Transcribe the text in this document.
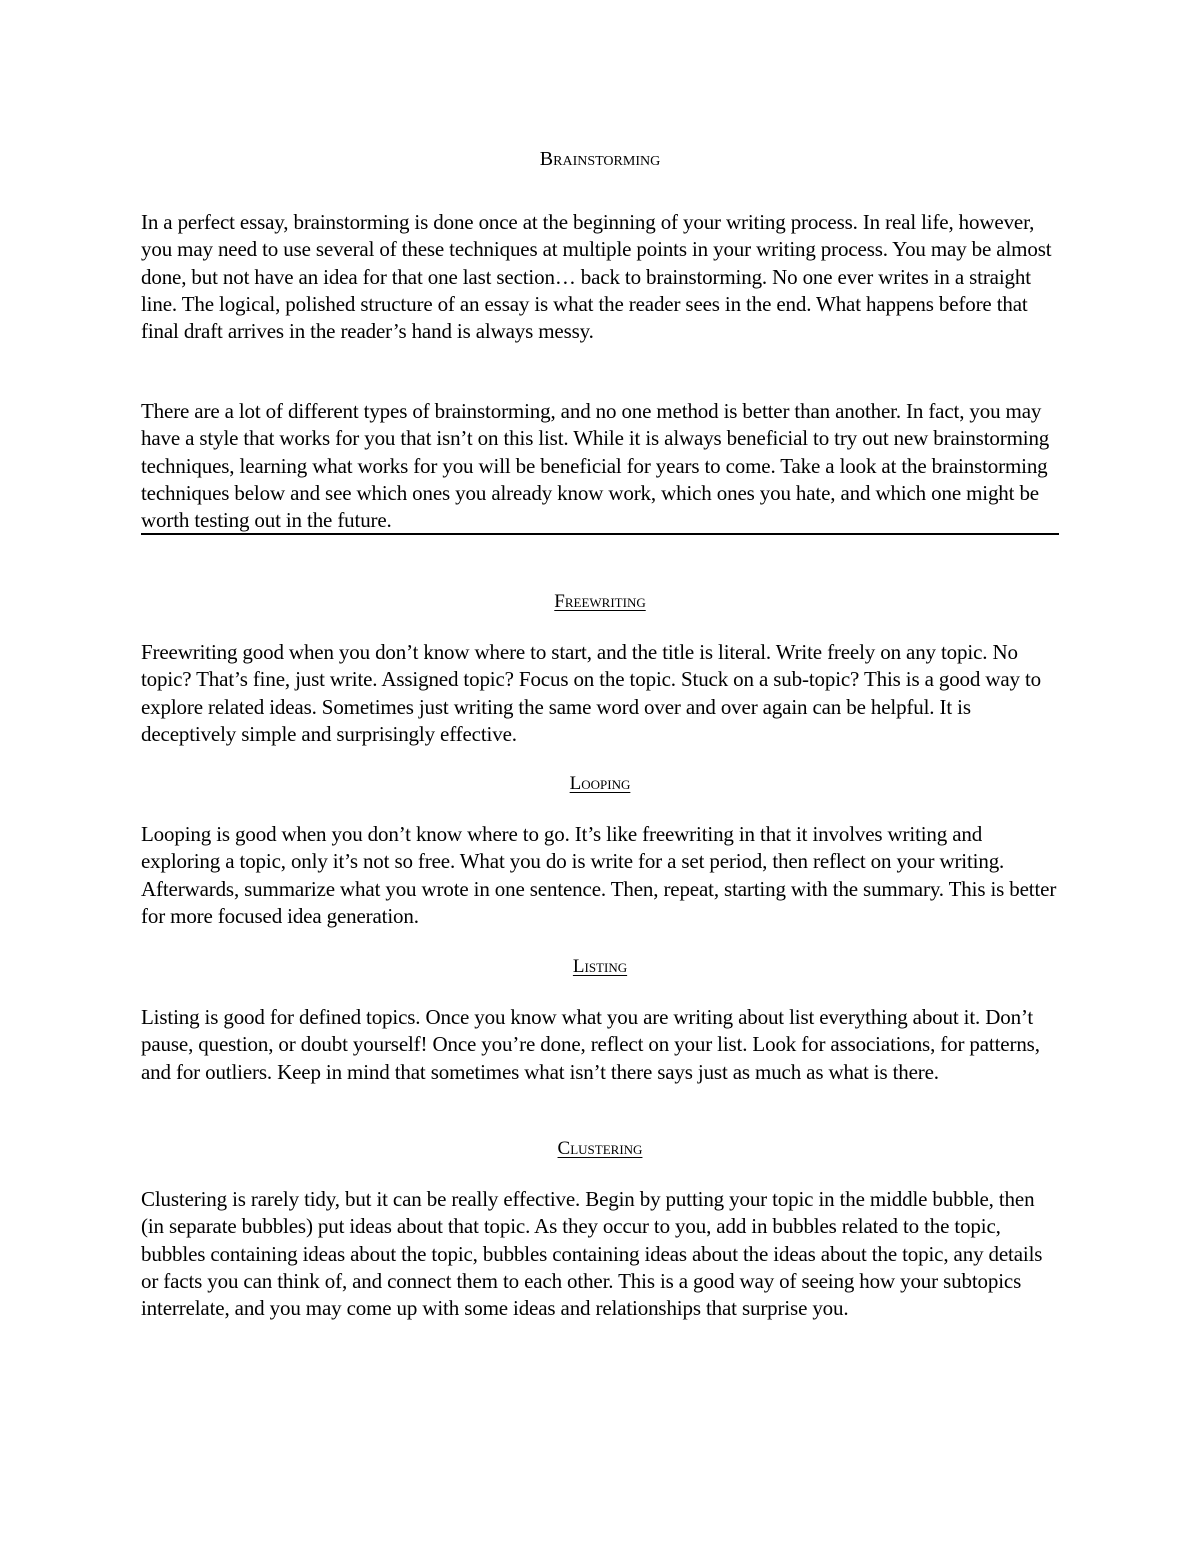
Brainstorming

In a perfect essay, brainstorming is done once at the beginning of your writing process. In real life, however, you may need to use several of these techniques at multiple points in your writing process. You may be almost done, but not have an idea for that one last section… back to brainstorming. No one ever writes in a straight line. The logical, polished structure of an essay is what the reader sees in the end. What happens before that final draft arrives in the reader’s hand is always messy.

There are a lot of different types of brainstorming, and no one method is better than another. In fact, you may have a style that works for you that isn’t on this list. While it is always beneficial to try out new brainstorming techniques, learning what works for you will be beneficial for years to come. Take a look at the brainstorming techniques below and see which ones you already know work, which ones you hate, and which one might be worth testing out in the future.

Freewriting

Freewriting good when you don’t know where to start, and the title is literal. Write freely on any topic. No topic? That’s fine, just write. Assigned topic? Focus on the topic. Stuck on a sub-topic? This is a good way to explore related ideas. Sometimes just writing the same word over and over again can be helpful. It is deceptively simple and surprisingly effective.

Looping

Looping is good when you don’t know where to go. It’s like freewriting in that it involves writing and exploring a topic, only it’s not so free. What you do is write for a set period, then reflect on your writing. Afterwards, summarize what you wrote in one sentence. Then, repeat, starting with the summary. This is better for more focused idea generation.

Listing

Listing is good for defined topics. Once you know what you are writing about list everything about it. Don’t pause, question, or doubt yourself! Once you’re done, reflect on your list. Look for associations, for patterns, and for outliers. Keep in mind that sometimes what isn’t there says just as much as what is there.

Clustering

Clustering is rarely tidy, but it can be really effective. Begin by putting your topic in the middle bubble, then (in separate bubbles) put ideas about that topic. As they occur to you, add in bubbles related to the topic, bubbles containing ideas about the topic, bubbles containing ideas about the ideas about the topic, any details or facts you can think of, and connect them to each other. This is a good way of seeing how your subtopics interrelate, and you may come up with some ideas and relationships that surprise you.
